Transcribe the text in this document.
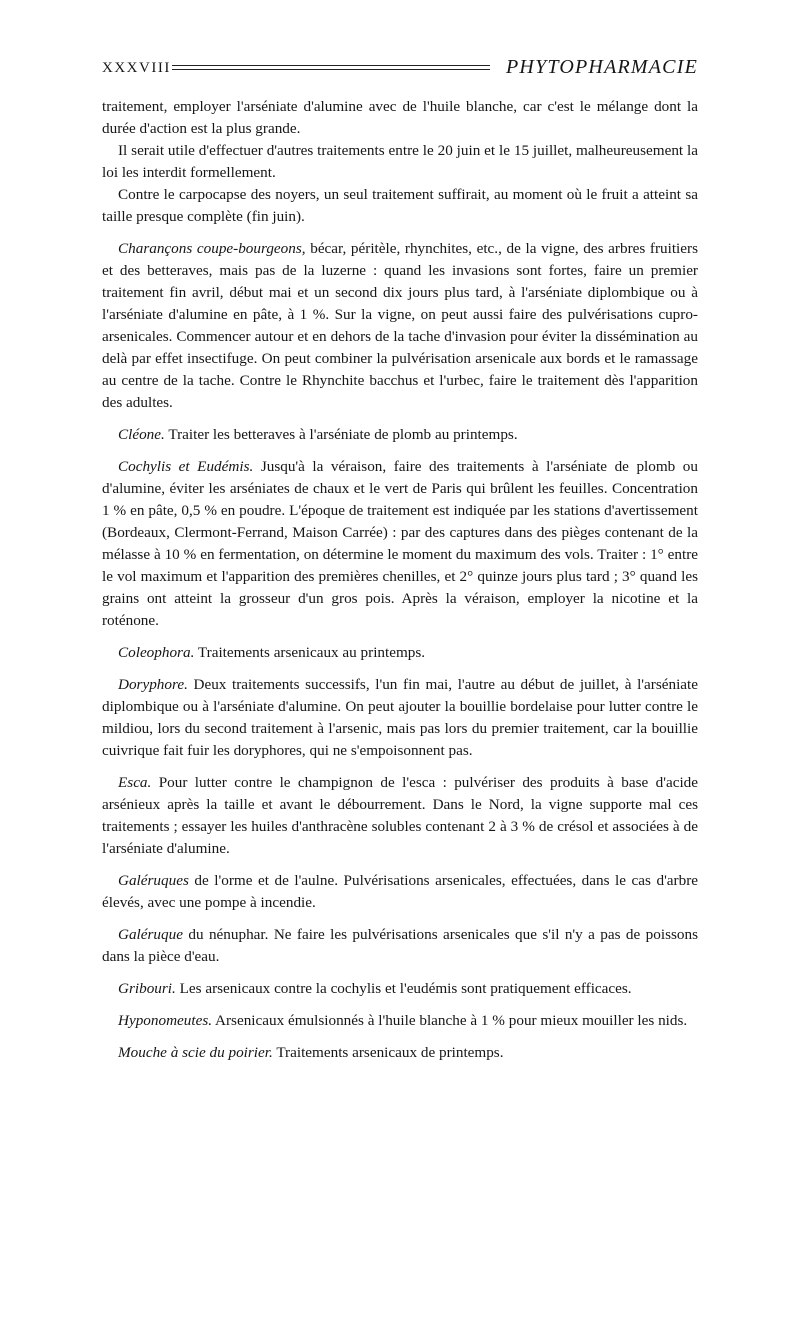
XXXVIII	PHYTOPHARMACIE

traitement, employer l'arséniate d'alumine avec de l'huile blanche, car c'est le mélange dont la durée d'action est la plus grande.

Il serait utile d'effectuer d'autres traitements entre le 20 juin et le 15 juillet, malheureusement la loi les interdit formellement.

Contre le carpocapse des noyers, un seul traitement suffirait, au moment où le fruit a atteint sa taille presque complète (fin juin).

Charançons coupe-bourgeons, bécar, péritèle, rhynchites, etc., de la vigne, des arbres fruitiers et des betteraves, mais pas de la luzerne : quand les invasions sont fortes, faire un premier traitement fin avril, début mai et un second dix jours plus tard, à l'arséniate diplombique ou à l'arséniate d'alumine en pâte, à 1 %. Sur la vigne, on peut aussi faire des pulvérisations cupro-arsenicales. Commencer autour et en dehors de la tache d'invasion pour éviter la dissémination au delà par effet insectifuge. On peut combiner la pulvérisation arsenicale aux bords et le ramassage au centre de la tache. Contre le Rhynchite bacchus et l'urbec, faire le traitement dès l'apparition des adultes.

Cléone. Traiter les betteraves à l'arséniate de plomb au printemps.

Cochylis et Eudémis. Jusqu'à la véraison, faire des traitements à l'arséniate de plomb ou d'alumine, éviter les arséniates de chaux et le vert de Paris qui brûlent les feuilles. Concentration 1 % en pâte, 0,5 % en poudre. L'époque de traitement est indiquée par les stations d'avertissement (Bordeaux, Clermont-Ferrand, Maison Carrée) : par des captures dans des pièges contenant de la mélasse à 10 % en fermentation, on détermine le moment du maximum des vols. Traiter : 1° entre le vol maximum et l'apparition des premières chenilles, et 2° quinze jours plus tard ; 3° quand les grains ont atteint la grosseur d'un gros pois. Après la véraison, employer la nicotine et la roténone.

Coleophora. Traitements arsenicaux au printemps.

Doryphore. Deux traitements successifs, l'un fin mai, l'autre au début de juillet, à l'arséniate diplombique ou à l'arséniate d'alumine. On peut ajouter la bouillie bordelaise pour lutter contre le mildiou, lors du second traitement à l'arsenic, mais pas lors du premier traitement, car la bouillie cuivrique fait fuir les doryphores, qui ne s'empoisonnent pas.

Esca. Pour lutter contre le champignon de l'esca : pulvériser des produits à base d'acide arsénieux après la taille et avant le débourrement. Dans le Nord, la vigne supporte mal ces traitements ; essayer les huiles d'anthracène solubles contenant 2 à 3 % de crésol et associées à de l'arséniate d'alumine.

Galéruques de l'orme et de l'aulne. Pulvérisations arsenicales, effectuées, dans le cas d'arbre élevés, avec une pompe à incendie.

Galéruque du nénuphar. Ne faire les pulvérisations arsenicales que s'il n'y a pas de poissons dans la pièce d'eau.

Gribouri. Les arsenicaux contre la cochylis et l'eudémis sont pratiquement efficaces.

Hyponomeutes. Arsenicaux émulsionnés à l'huile blanche à 1 % pour mieux mouiller les nids.

Mouche à scie du poirier. Traitements arsenicaux de printemps.
